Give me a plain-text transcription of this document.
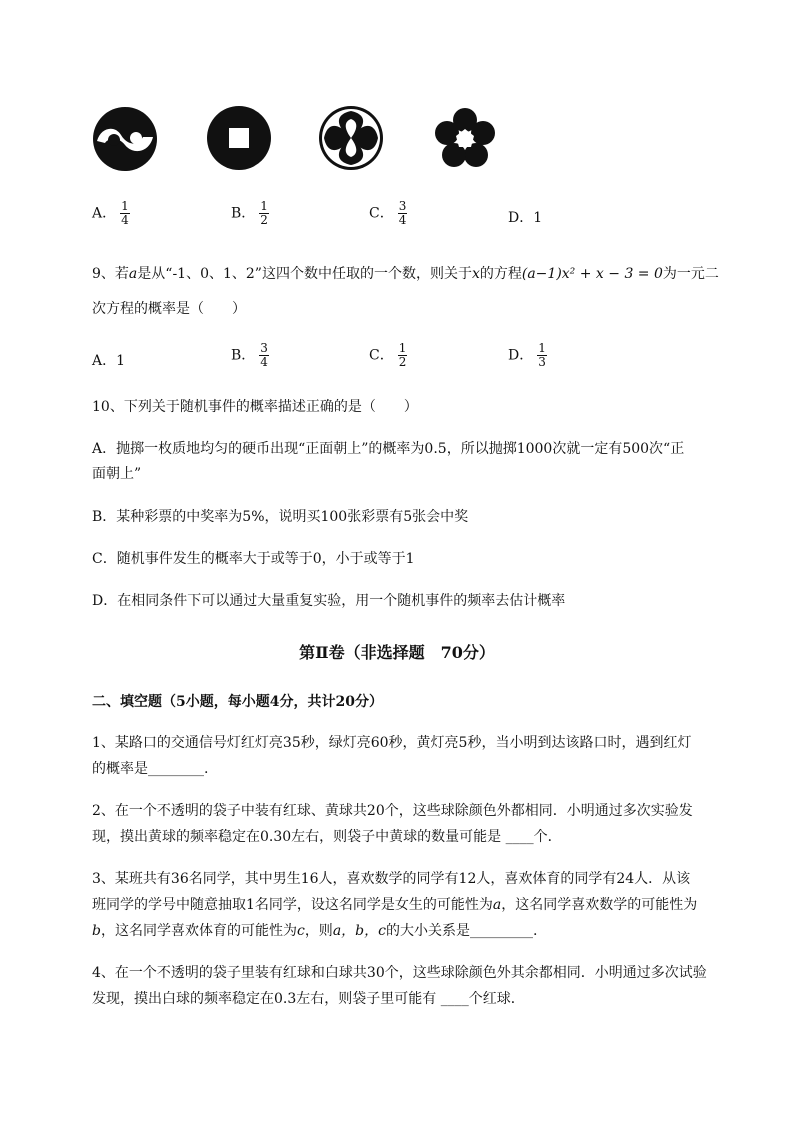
A． $\frac{1}{4}$	B． $\frac{1}{2}$	C． $\frac{3}{4}$	D．1
9、若a是从“-1、0、1、2”这四个数中任取的一个数，则关于x的方程(a−1)x² + x − 3 = 0为一元二
次方程的概率是（　　）
A．1	B． $\frac{3}{4}$	C． $\frac{1}{2}$	D． $\frac{1}{3}$
10、下列关于随机事件的概率描述正确的是（　　）
A．抛掷一枚质地均匀的硬币出现“正面朝上”的概率为0.5，所以抛掷1000次就一定有500次“正
面朝上”
B．某种彩票的中奖率为5%，说明买100张彩票有5张会中奖
C．随机事件发生的概率大于或等于0，小于或等于1
D．在相同条件下可以通过大量重复实验，用一个随机事件的频率去估计概率
第Ⅱ卷（非选择题　70分）
二、填空题（5小题，每小题4分，共计20分）
1、某路口的交通信号灯红灯亮35秒，绿灯亮60秒，黄灯亮5秒，当小明到达该路口时，遇到红灯
的概率是________.
2、在一个不透明的袋子中装有红球、黄球共20个，这些球除颜色外都相同．小明通过多次实验发
现，摸出黄球的频率稳定在0.30左右，则袋子中黄球的数量可能是 ____个．
3、某班共有36名同学，其中男生16人，喜欢数学的同学有12人，喜欢体育的同学有24人．从该
班同学的学号中随意抽取1名同学，设这名同学是女生的可能性为a，这名同学喜欢数学的可能性为
b，这名同学喜欢体育的可能性为c，则a，b，c的大小关系是_________.
4、在一个不透明的袋子里装有红球和白球共30个，这些球除颜色外其余都相同．小明通过多次试验
发现，摸出白球的频率稳定在0.3左右，则袋子里可能有 ____个红球．
